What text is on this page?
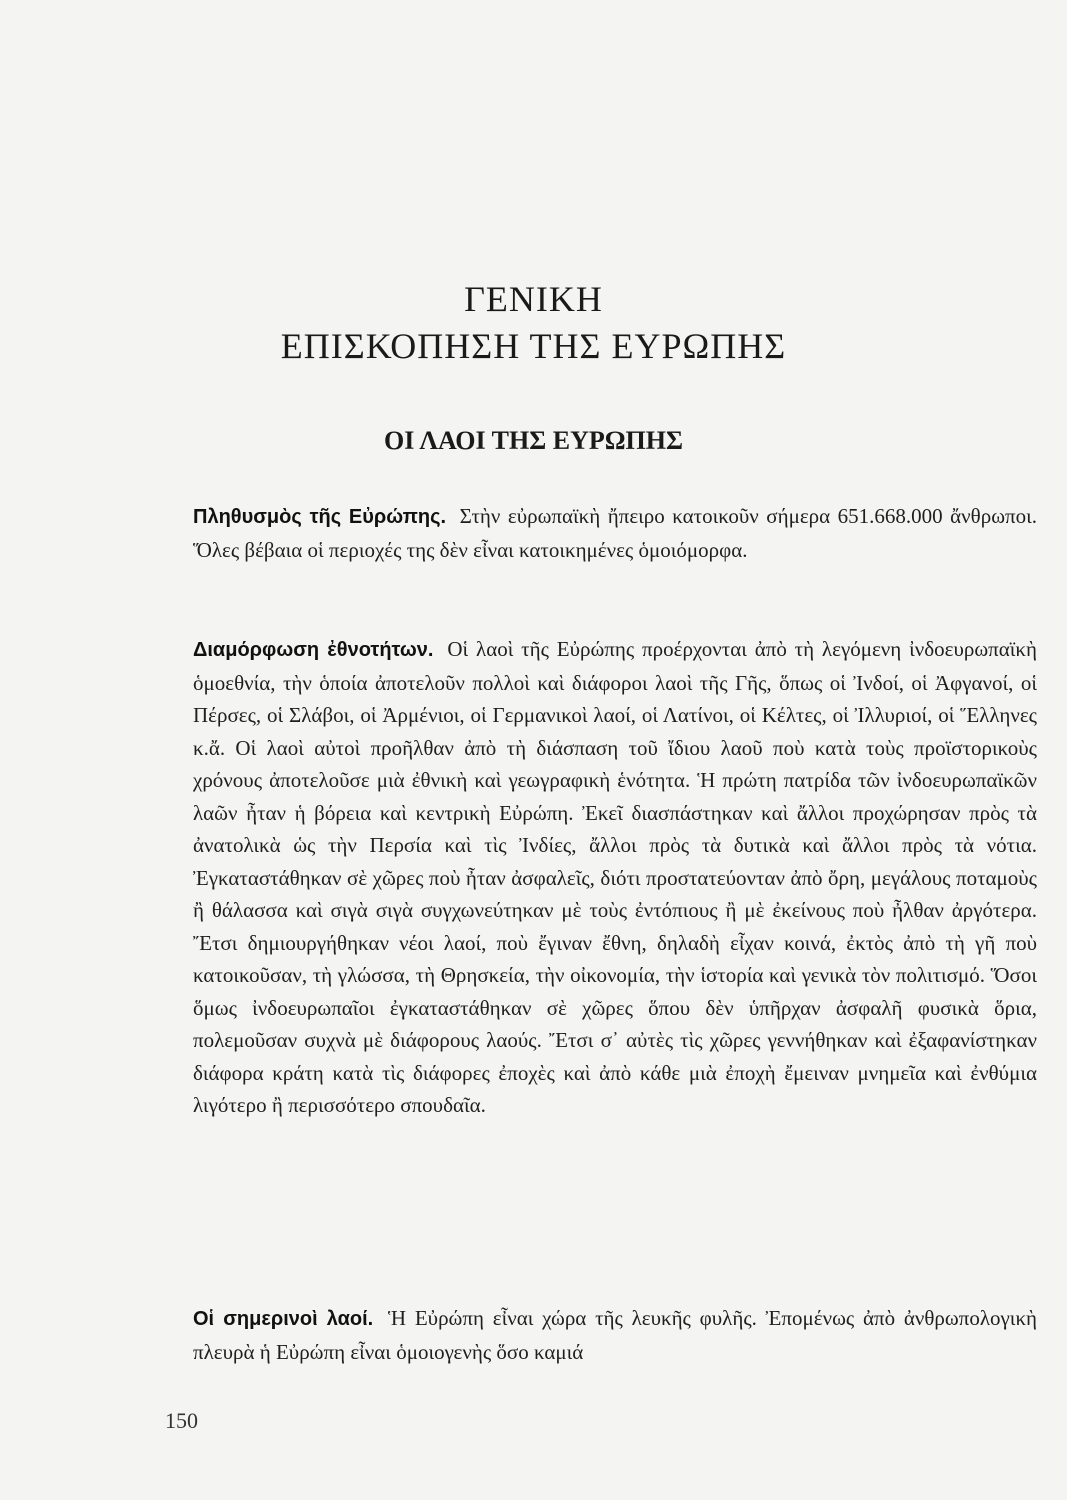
ΓΕΝΙΚΗ
ΕΠΙΣΚΟΠΗΣΗ ΤΗΣ ΕΥΡΩΠΗΣ
ΟΙ ΛΑΟΙ ΤΗΣ ΕΥΡΩΠΗΣ

Πληθυσμὸς τῆς Εὐρώπης. Στὴν εὐρωπαϊκὴ ἤπειρο κατοικοῦν σήμερα 651.668.000 ἄνθρωποι. Ὅλες βέβαια οἱ περιοχές της δὲν εἶναι κατοικημένες ὁμοιόμορφα.

Διαμόρφωση ἐθνοτήτων. Οἱ λαοὶ τῆς Εὐρώπης προέρχονται ἀπὸ τὴ λεγόμενη ἰνδοευρωπαϊκὴ ὁμοεθνία, τὴν ὁποία ἀποτελοῦν πολλοὶ καὶ διάφοροι λαοὶ τῆς Γῆς, ὅπως οἱ Ἰνδοί, οἱ Ἀφγανοί, οἱ Πέρσες, οἱ Σλάβοι, οἱ Ἀρμένιοι, οἱ Γερμανικοὶ λαοί, οἱ Λατίνοι, οἱ Κέλτες, οἱ Ἰλλυριοί, οἱ Ἕλληνες κ.ἄ. Οἱ λαοὶ αὐτοὶ προῆλθαν ἀπὸ τὴ διάσπαση τοῦ ἴδιου λαοῦ ποὺ κατὰ τοὺς προϊστορικοὺς χρόνους ἀποτελοῦσε μιὰ ἐθνικὴ καὶ γεωγραφικὴ ἑνότητα. Ἡ πρώτη πατρίδα τῶν ἰνδοευρωπαϊκῶν λαῶν ἦταν ἡ βόρεια καὶ κεντρικὴ Εὐρώπη. Ἐκεῖ διασπάστηκαν καὶ ἄλλοι προχώρησαν πρὸς τὰ ἀνατολικὰ ὡς τὴν Περσία καὶ τὶς Ἰνδίες, ἄλλοι πρὸς τὰ δυτικὰ καὶ ἄλλοι πρὸς τὰ νότια. Ἐγκαταστάθηκαν σὲ χῶρες ποὺ ἦταν ἀσφαλεῖς, διότι προστατεύονταν ἀπὸ ὄρη, μεγάλους ποταμοὺς ἢ θάλασσα καὶ σιγὰ σιγὰ συγχωνεύτηκαν μὲ τοὺς ἐντόπιους ἢ μὲ ἐκείνους ποὺ ἦλθαν ἀργότερα. Ἔτσι δημιουργήθηκαν νέοι λαοί, ποὺ ἔγιναν ἔθνη, δηλαδὴ εἶχαν κοινά, ἐκτὸς ἀπὸ τὴ γῆ ποὺ κατοικοῦσαν, τὴ γλώσσα, τὴ Θρησκεία, τὴν οἰκονομία, τὴν ἱστορία καὶ γενικὰ τὸν πολιτισμό. Ὅσοι ὅμως ἰνδοευρωπαῖοι ἐγκαταστάθηκαν σὲ χῶρες ὅπου δὲν ὑπῆρχαν ἀσφαλῆ φυσικὰ ὅρια, πολεμοῦσαν συχνὰ μὲ διάφορους λαούς. Ἔτσι σ᾽ αὐτὲς τὶς χῶρες γεννήθηκαν καὶ ἐξαφανίστηκαν διάφορα κράτη κατὰ τὶς διάφορες ἐποχὲς καὶ ἀπὸ κάθε μιὰ ἐποχὴ ἔμειναν μνημεῖα καὶ ἐνθύμια λιγότερο ἢ περισσότερο σπουδαῖα.

Οἱ σημερινοὶ λαοί. Ἡ Εὐρώπη εἶναι χώρα τῆς λευκῆς φυλῆς. Ἐπομένως ἀπὸ ἀνθρωπολογικὴ πλευρὰ ἡ Εὐρώπη εἶναι ὁμοιογενὴς ὅσο καμιά

150
